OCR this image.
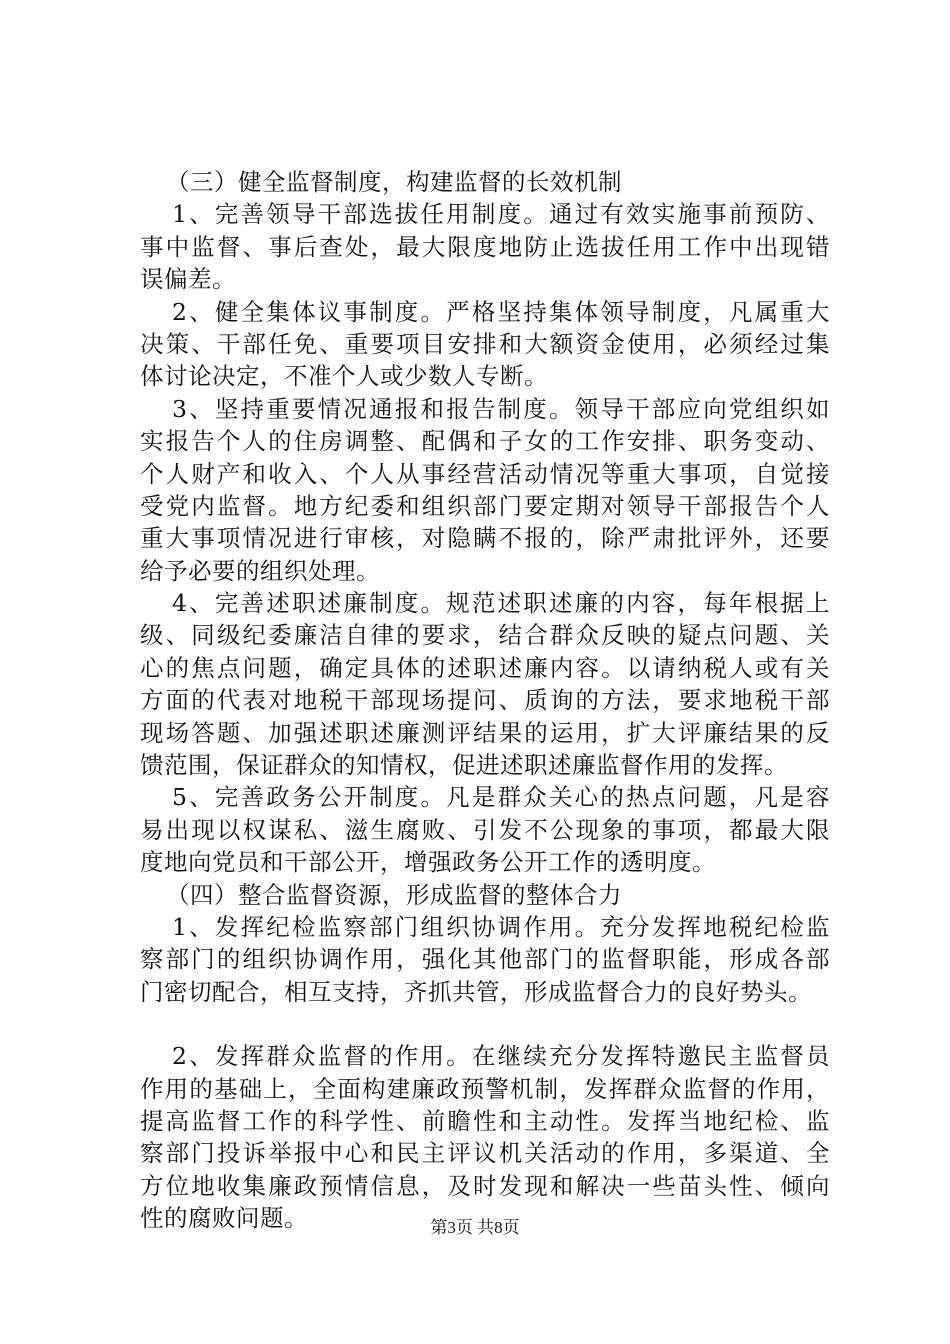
（三）健全监督制度，构建监督的长效机制
1、完善领导干部选拔任用制度。通过有效实施事前预防、
事中监督、事后查处，最大限度地防止选拔任用工作中出现错
误偏差。
2、健全集体议事制度。严格坚持集体领导制度，凡属重大
决策、干部任免、重要项目安排和大额资金使用，必须经过集
体讨论决定，不准个人或少数人专断。
3、坚持重要情况通报和报告制度。领导干部应向党组织如
实报告个人的住房调整、配偶和子女的工作安排、职务变动、
个人财产和收入、个人从事经营活动情况等重大事项，自觉接
受党内监督。地方纪委和组织部门要定期对领导干部报告个人
重大事项情况进行审核，对隐瞒不报的，除严肃批评外，还要
给予必要的组织处理。
4、完善述职述廉制度。规范述职述廉的内容，每年根据上
级、同级纪委廉洁自律的要求，结合群众反映的疑点问题、关
心的焦点问题，确定具体的述职述廉内容。以请纳税人或有关
方面的代表对地税干部现场提问、质询的方法，要求地税干部
现场答题、加强述职述廉测评结果的运用，扩大评廉结果的反
馈范围，保证群众的知情权，促进述职述廉监督作用的发挥。
5、完善政务公开制度。凡是群众关心的热点问题，凡是容
易出现以权谋私、滋生腐败、引发不公现象的事项，都最大限
度地向党员和干部公开，增强政务公开工作的透明度。
（四）整合监督资源，形成监督的整体合力
1、发挥纪检监察部门组织协调作用。充分发挥地税纪检监
察部门的组织协调作用，强化其他部门的监督职能，形成各部
门密切配合，相互支持，齐抓共管，形成监督合力的良好势头。
2、发挥群众监督的作用。在继续充分发挥特邀民主监督员
作用的基础上，全面构建廉政预警机制，发挥群众监督的作用，
提高监督工作的科学性、前瞻性和主动性。发挥当地纪检、监
察部门投诉举报中心和民主评议机关活动的作用，多渠道、全
方位地收集廉政预情信息，及时发现和解决一些苗头性、倾向
性的腐败问题。	第3页 共8页
